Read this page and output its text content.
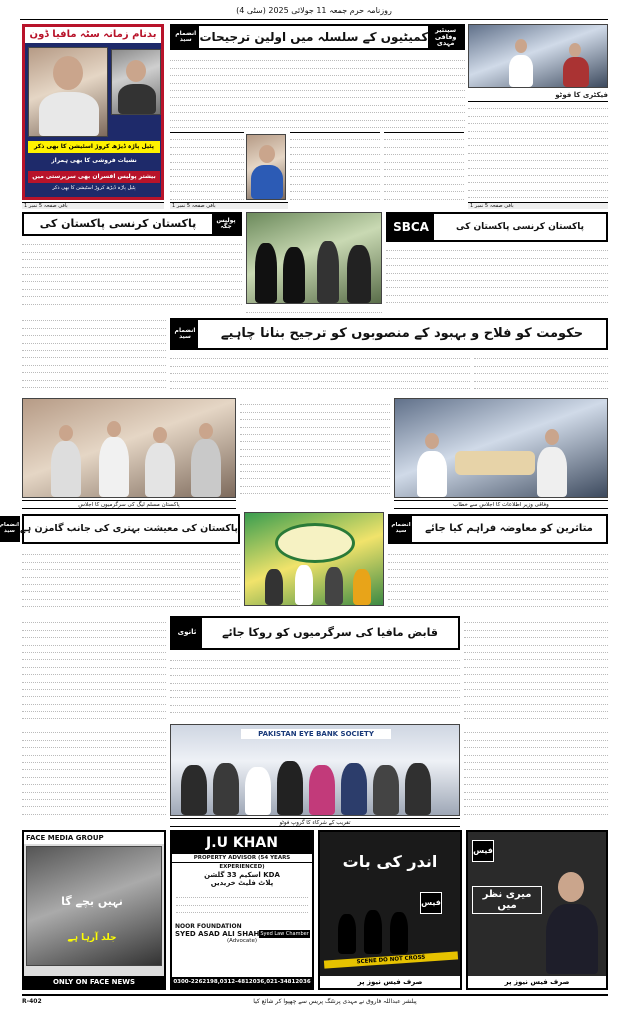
روزنامہ حرم جمعہ 11 جولائی 2025 (سٹی 4)
بدنام زمانہ سٹہ مافیا ڈون
پٹیل پاڑہ ڈیڑھ کروڑ اسٹیشن کا بھی ذکر
نشیات فروشی کا بھی ہمراز
بیشتر پولیس افسران بھی سرپرستی میں
پٹیل پاڑہ ڈیڑھ کروڑ اسٹیشن کا بھی ذکر
سینئیر وفاقی مہدی
کمیٹیوں کے سلسلہ میں اولین ترجیحات
انضمام سید
فیکٹری کا فوٹو
باقی صفحہ 5 نمبر 1	باقی صفحہ 5 نمبر 1	باقی صفحہ 5 نمبر 1
پولیس جگہ
پاکستان کرنسی پاکستان کی	پاکستان کرنسی پاکستان کی
SBCA
حکومت کو فلاح و بہبود کے منصوبوں کو ترجیح بنانا چاہیے
انضمام سید
پاکستان مسلم لیگ کی سرگرمیوں کا اجلاس	وفاقی وزیر اطلاعات کا اجلاس سے خطاب
پاکستان کی معیشت بہتری کی جانب گامزن ہے
انضمام سید	متاثرین کو معاوضہ فراہم کیا جائے
انضمام سید
قابض مافیا کی سرگرمیوں کو روکا جائے
ثانوی
PAKISTAN EYE BANK SOCIETY
تقریب کے شرکاء کا گروپ فوٹو
FACE MEDIA GROUP
نہیں بچے گا
جلد آرہا ہے
ONLY ON FACE NEWS
J.U KHAN
PROPERTY ADVISOR (54 YEARS EXPERIENCED)
KDA اسکیم 33 گلشن
پلاٹ فلیٹ خریدیں
NOOR FOUNDATION
SYED ASAD ALI SHAH Syed Law Chamber
(Advocate)
0300-2262198,0312-4812036,021-34812036
اندر کی بات
SCENE DO NOT CROSS
فیس
صرف فیس نیوز پر
فیس
میری نظر میں
صرف فیس نیوز پر
پبلشر عبداللہ فاروق نے مہدی پرنٹنگ پریس سے چھپوا کر شائع کیا
R-402
